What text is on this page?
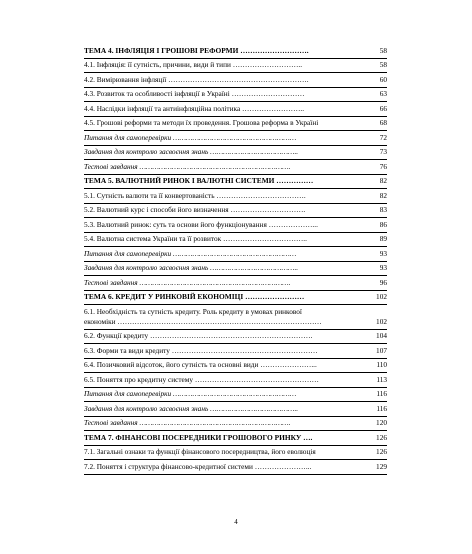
ТЕМА 4. ІНФЛЯЦІЯ І ГРОШОВІ РЕФОРМИ ……………………….	58
4.1. Інфляція: її сутність, причини, види й типи ………………………..	58
4.2. Вимірювання інфляції ………………………………………………….	60
4.3. Розвиток та особливості інфляції в Україні …………………………	63
4.4. Наслідки інфляції та антиінфляційна політика ……………………..	66
4.5. Грошові реформи та методи їх проведення. Грошова реформа в Україні	68
Питання для самоперевірки …………………………………………………	72
Завдання для контролю засвоєння знань …………………………………..	73
Тестові завдання …………………………………………………………….	76
ТЕМА 5. ВАЛЮТНИЙ РИНОК І ВАЛЮТНІ СИСТЕМИ ……………	82
5.1. Сутність валюти та її конвертованість ……………………………….	82
5.2. Валютний курс і способи його визначення ………………………….	83
5.3. Валютний ринок: суть та основи його функціонування ………………...	86
5.4. Валютна система України та її розвиток ……………………………..	89
Питання для самоперевірки …………………………………………………	93
Завдання для контролю засвоєння знань …………………………………..	93
Тестові завдання …………………………………………………………….	96
ТЕМА 6. КРЕДИТ У РИНКОВІЙ ЕКОНОМІЦІ ……………………	102
6.1. Необхідність та сутність кредиту. Роль кредиту в умовах ринкової
економіки …………………………………………………………………………	102
6.2. Функції кредиту ………………………………………………………….	104
6.3. Форми та види кредиту ……………………………………………………	107
6.4. Позичковий відсоток, його сутність та основні види …………………...	110
6.5. Поняття про кредитну систему ……………………………………………	113
Питання для самоперевірки …………………………………………………	116
Завдання для контролю засвоєння знань …………………………………..	116
Тестові завдання …………………………………………………………….	120
ТЕМА 7. ФІНАНСОВІ ПОСЕРЕДНИКИ ГРОШОВОГО РИНКУ ….	126
7.1. Загальні ознаки та функції фінансового посередництва, його еволюція	126
7.2. Поняття і структура фінансово-кредитної системи …………………...	129
4
